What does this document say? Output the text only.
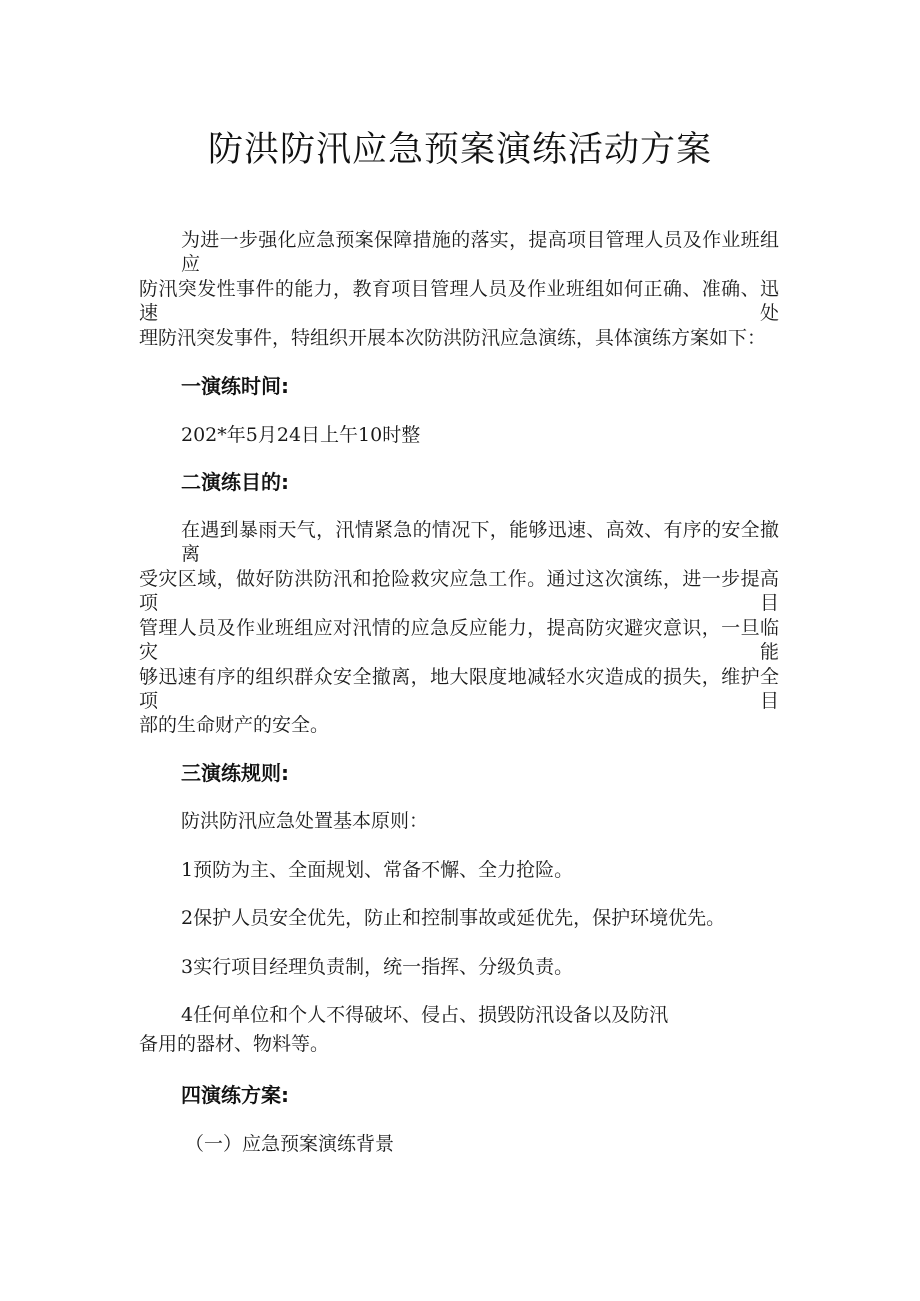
防洪防汛应急预案演练活动方案

为进一步强化应急预案保障措施的落实，提高项目管理人员及作业班组应

防汛突发性事件的能力，教育项目管理人员及作业班组如何正确、准确、迅速处

理防汛突发事件，特组织开展本次防洪防汛应急演练，具体演练方案如下：

一演练时间:

202*年5月24日上午10时整

二演练目的:

在遇到暴雨天气，汛情紧急的情况下，能够迅速、高效、有序的安全撤离

受灾区域，做好防洪防汛和抢险救灾应急工作。通过这次演练，进一步提高项目

管理人员及作业班组应对汛情的应急反应能力，提高防灾避灾意识，一旦临灾能

够迅速有序的组织群众安全撤离，地大限度地减轻水灾造成的损失，维护全项目

部的生命财产的安全。

三演练规则:

防洪防汛应急处置基本原则：

1预防为主、全面规划、常备不懈、全力抢险。

2保护人员安全优先，防止和控制事故或延优先，保护环境优先。

3实行项目经理负责制，统一指挥、分级负责。

4任何单位和个人不得破坏、侵占、损毁防汛设备以及防汛

备用的器材、物料等。

四演练方案:

（一）应急预案演练背景
